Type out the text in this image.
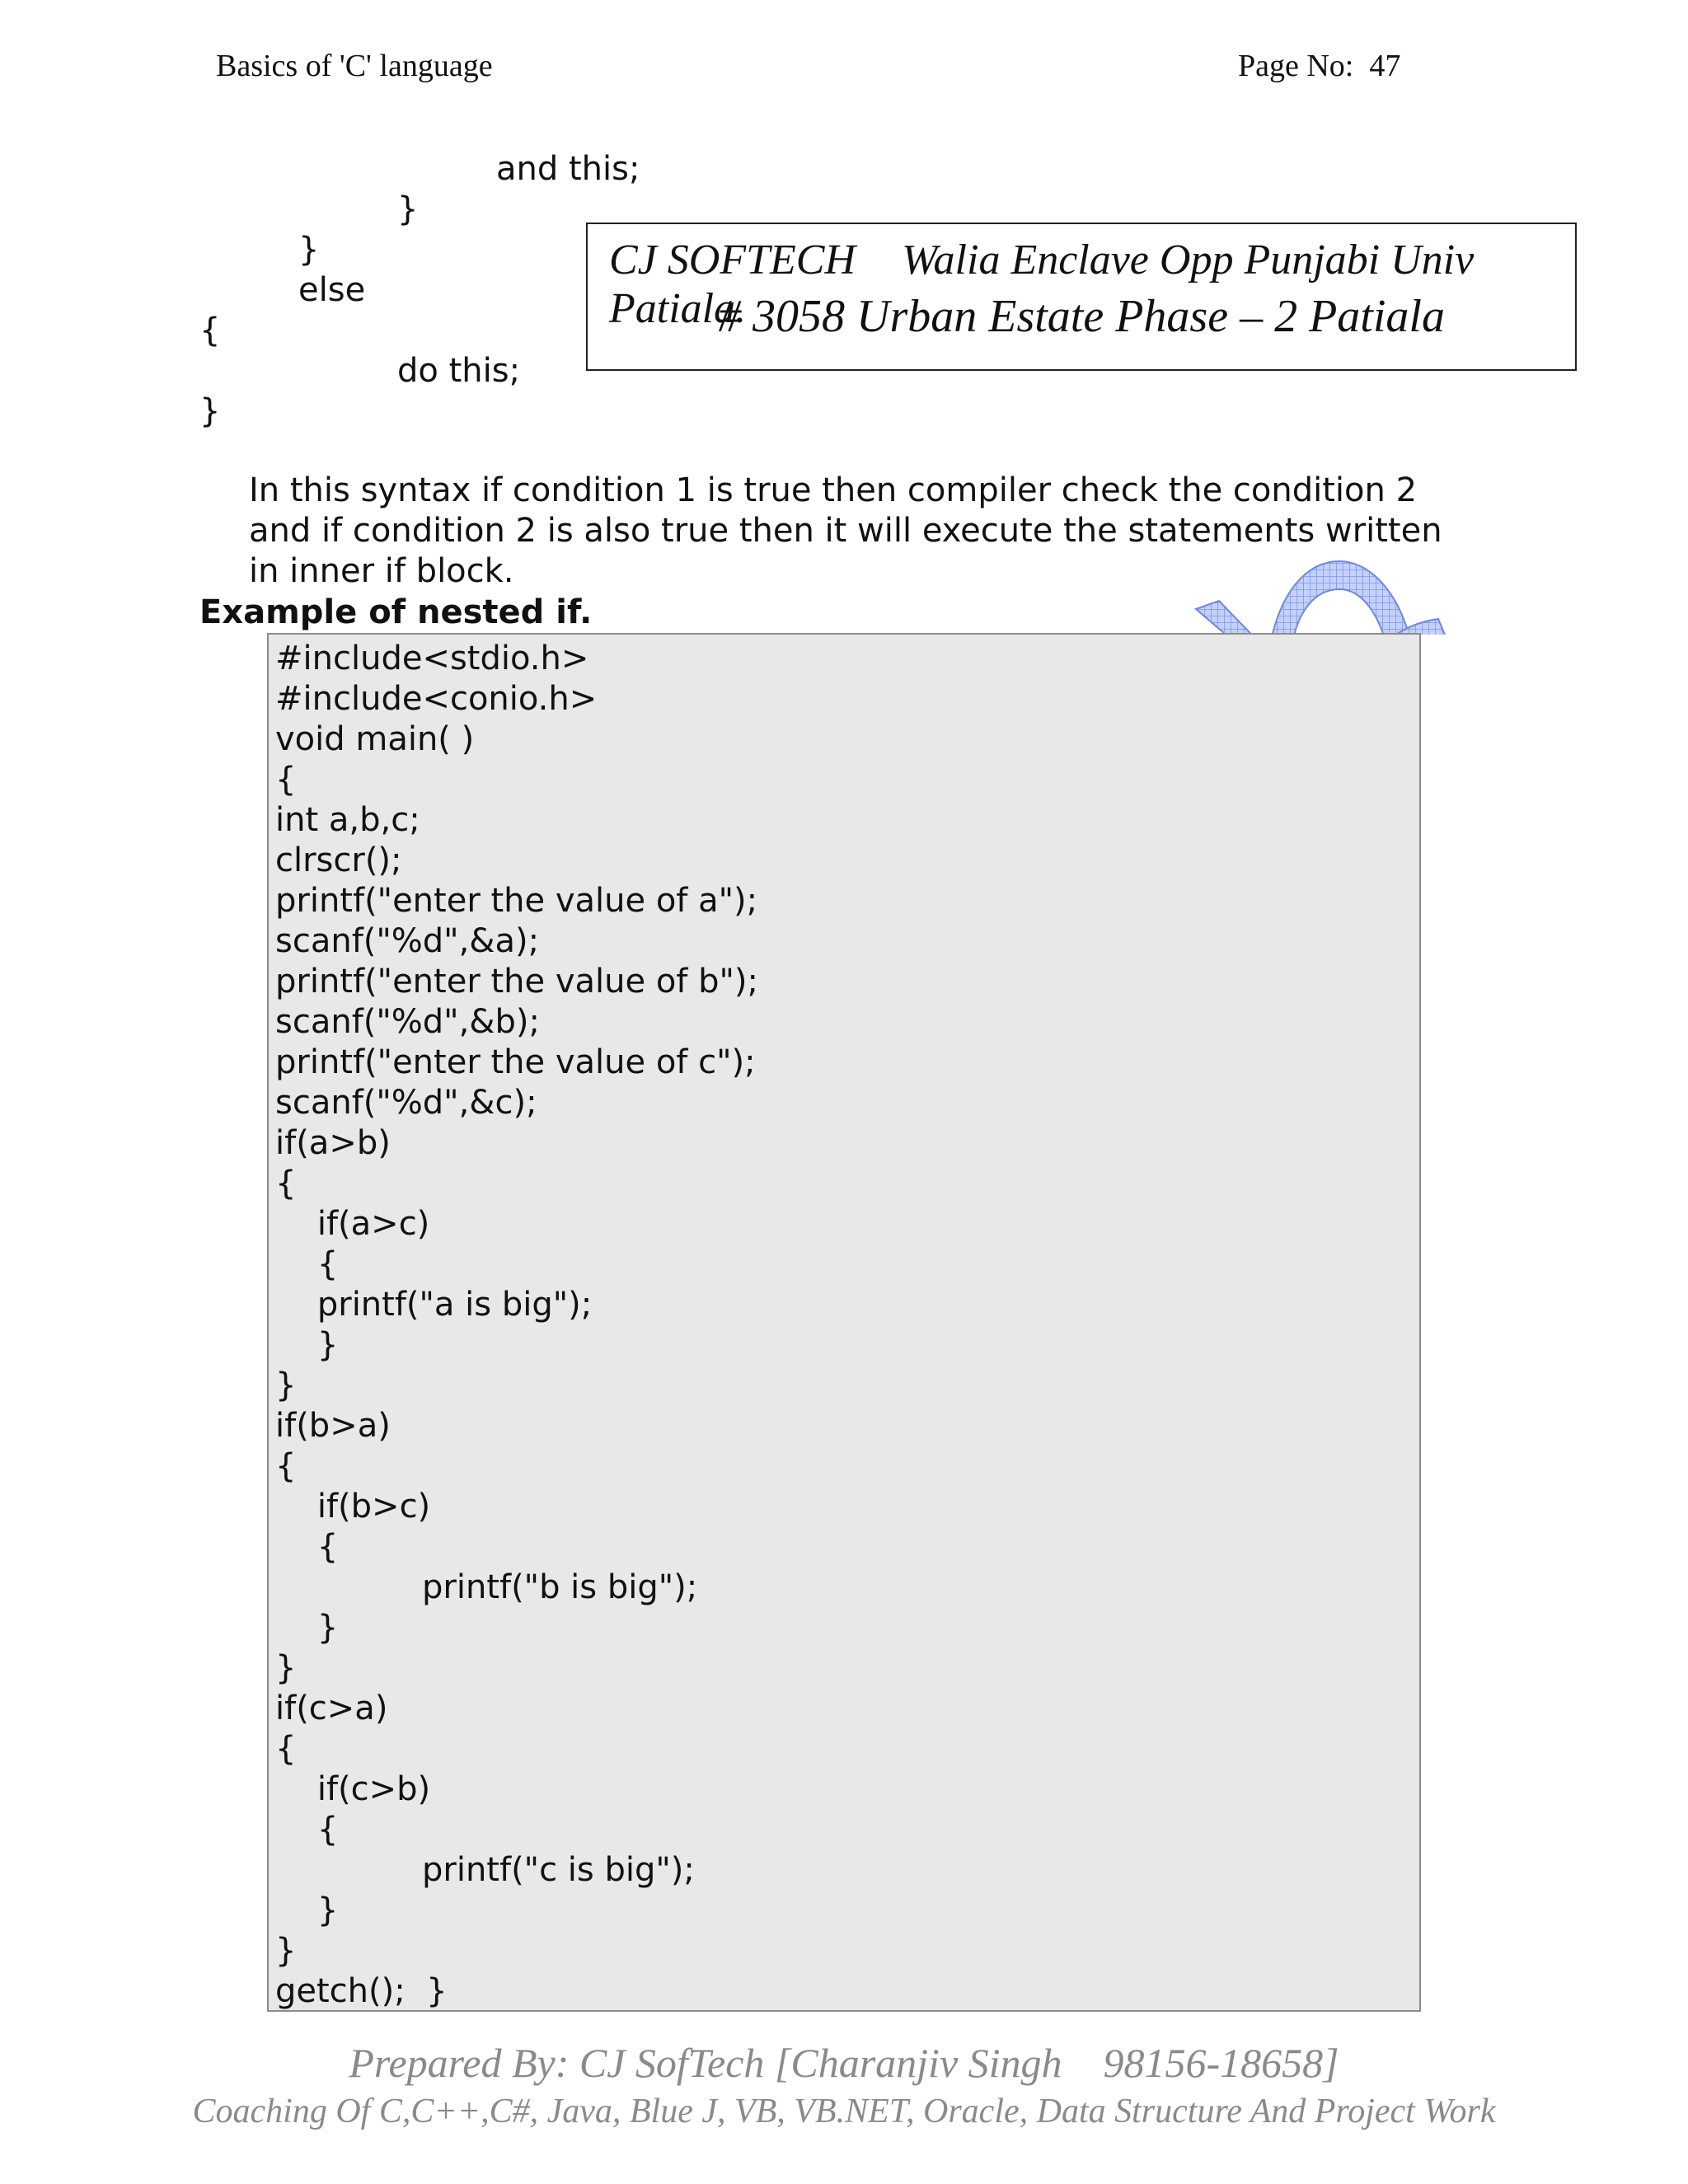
Basics of 'C' language	Page No:  47
and this;
}
}
else
{
do this;
}
CJ SOFTECH Walia Enclave Opp Punjabi Univ Patiala.
# 3058 Urban Estate Phase – 2 Patiala

In this syntax if condition 1 is true then compiler check the condition 2

and if condition 2 is also true then it will execute the statements written

in inner if block.

Example of nested if.
#include<stdio.h>
#include<conio.h>
void main( )
{
int a,b,c;
clrscr();
printf("enter the value of a");
scanf("%d",&a);
printf("enter the value of b");
scanf("%d",&b);
printf("enter the value of c");
scanf("%d",&c);
if(a>b)
{
if(a>c)
{
printf("a is big");
}
}
if(b>a)
{
if(b>c)
{
printf("b is big");
}
}
if(c>a)
{
if(c>b)
{
printf("c is big");
}
}
getch();  }
Prepared By: CJ SofTech [Charanjiv Singh    98156-18658]
Coaching Of C,C++,C#, Java, Blue J, VB, VB.NET, Oracle, Data Structure And Project Work
